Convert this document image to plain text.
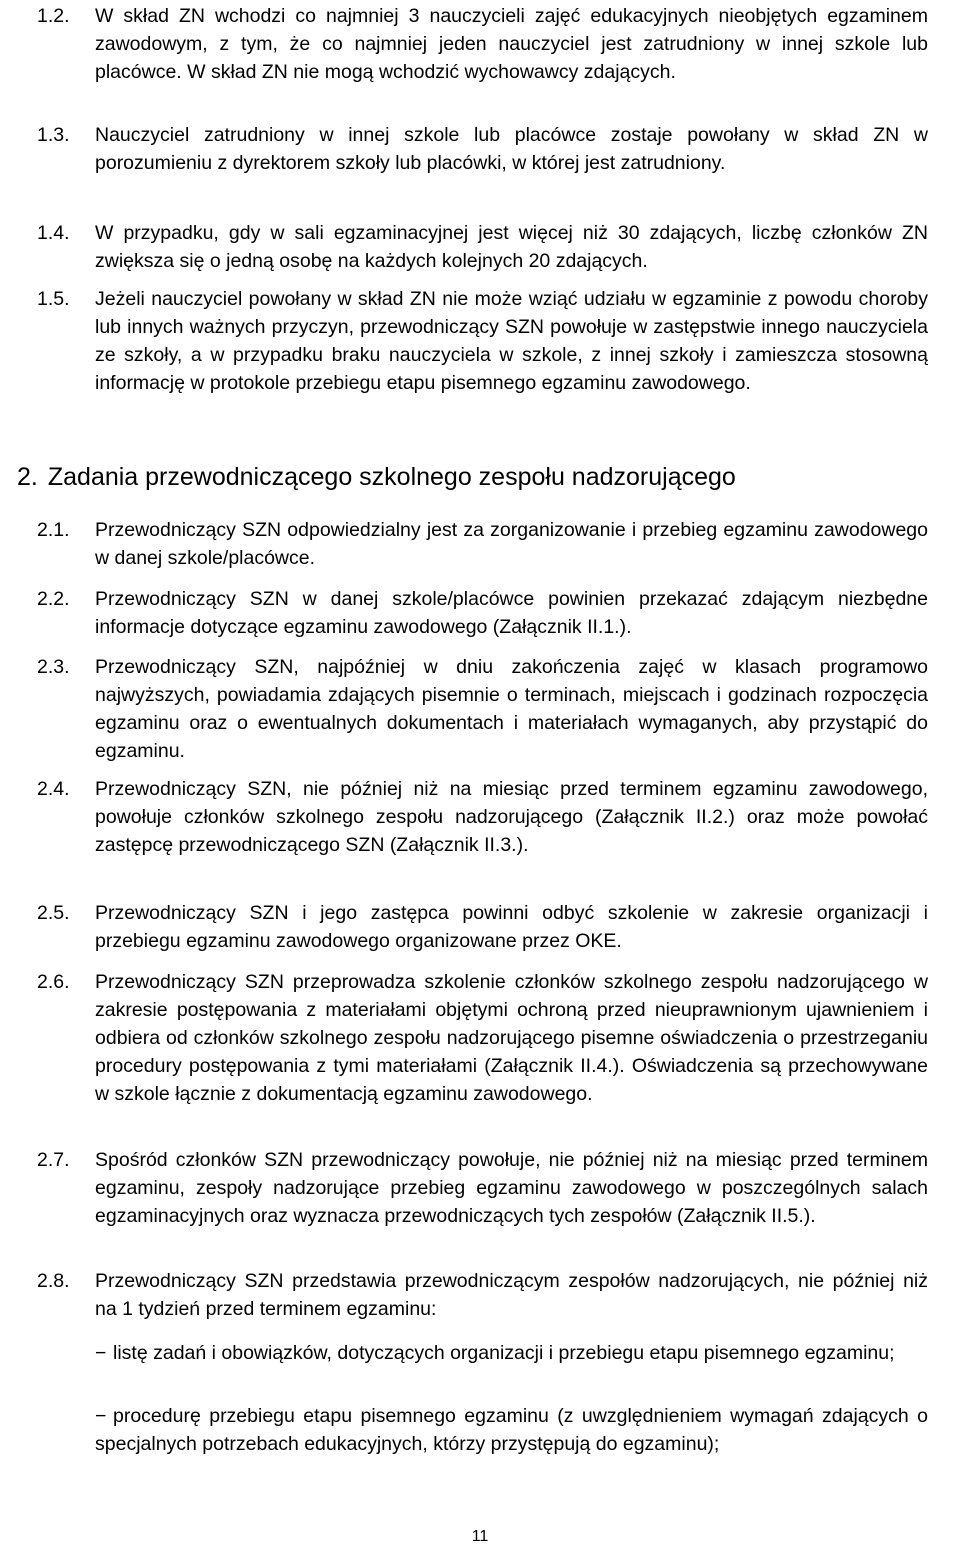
1.2. W skład ZN wchodzi co najmniej 3 nauczycieli zajęć edukacyjnych nieobjętych egzaminem zawodowym, z tym, że co najmniej jeden nauczyciel jest zatrudniony w innej szkole lub placówce. W skład ZN nie mogą wchodzić wychowawcy zdających.
1.3. Nauczyciel zatrudniony w innej szkole lub placówce zostaje powołany w skład ZN w porozumieniu z dyrektorem szkoły lub placówki, w której jest zatrudniony.
1.4. W przypadku, gdy w sali egzaminacyjnej jest więcej niż 30 zdających, liczbę członków ZN zwiększa się o jedną osobę na każdych kolejnych 20 zdających.
1.5. Jeżeli nauczyciel powołany w skład ZN nie może wziąć udziału w egzaminie z powodu choroby lub innych ważnych przyczyn, przewodniczący SZN powołuje w zastępstwie innego nauczyciela ze szkoły, a w przypadku braku nauczyciela w szkole, z innej szkoły i zamieszcza stosowną informację w protokole przebiegu etapu pisemnego egzaminu zawodowego.
2. Zadania przewodniczącego szkolnego zespołu nadzorującego
2.1. Przewodniczący SZN odpowiedzialny jest za zorganizowanie i przebieg egzaminu zawodowego w danej szkole/placówce.
2.2. Przewodniczący SZN w danej szkole/placówce powinien przekazać zdającym niezbędne informacje dotyczące egzaminu zawodowego (Załącznik II.1.).
2.3. Przewodniczący SZN, najpóźniej w dniu zakończenia zajęć w klasach programowo najwyższych, powiadamia zdających pisemnie o terminach, miejscach i godzinach rozpoczęcia egzaminu oraz o ewentualnych dokumentach i materiałach wymaganych, aby przystąpić do egzaminu.
2.4. Przewodniczący SZN, nie później niż na miesiąc przed terminem egzaminu zawodowego, powołuje członków szkolnego zespołu nadzorującego (Załącznik II.2.) oraz może powołać zastępcę przewodniczącego SZN (Załącznik II.3.).
2.5. Przewodniczący SZN i jego zastępca powinni odbyć szkolenie w zakresie organizacji i przebiegu egzaminu zawodowego organizowane przez OKE.
2.6. Przewodniczący SZN przeprowadza szkolenie członków szkolnego zespołu nadzorującego w zakresie postępowania z materiałami objętymi ochroną przed nieuprawnionym ujawnieniem i odbiera od członków szkolnego zespołu nadzorującego pisemne oświadczenia o przestrzeganiu procedury postępowania z tymi materiałami (Załącznik II.4.). Oświadczenia są przechowywane w szkole łącznie z dokumentacją egzaminu zawodowego.
2.7. Spośród członków SZN przewodniczący powołuje, nie później niż na miesiąc przed terminem egzaminu, zespoły nadzorujące przebieg egzaminu zawodowego w poszczególnych salach egzaminacyjnych oraz wyznacza przewodniczących tych zespołów (Załącznik II.5.).
2.8. Przewodniczący SZN przedstawia przewodniczącym zespołów nadzorujących, nie później niż na 1 tydzień przed terminem egzaminu:
− listę zadań i obowiązków, dotyczących organizacji i przebiegu etapu pisemnego egzaminu;
− procedurę przebiegu etapu pisemnego egzaminu (z uwzględnieniem wymagań zdających o specjalnych potrzebach edukacyjnych, którzy przystępują do egzaminu);
11
